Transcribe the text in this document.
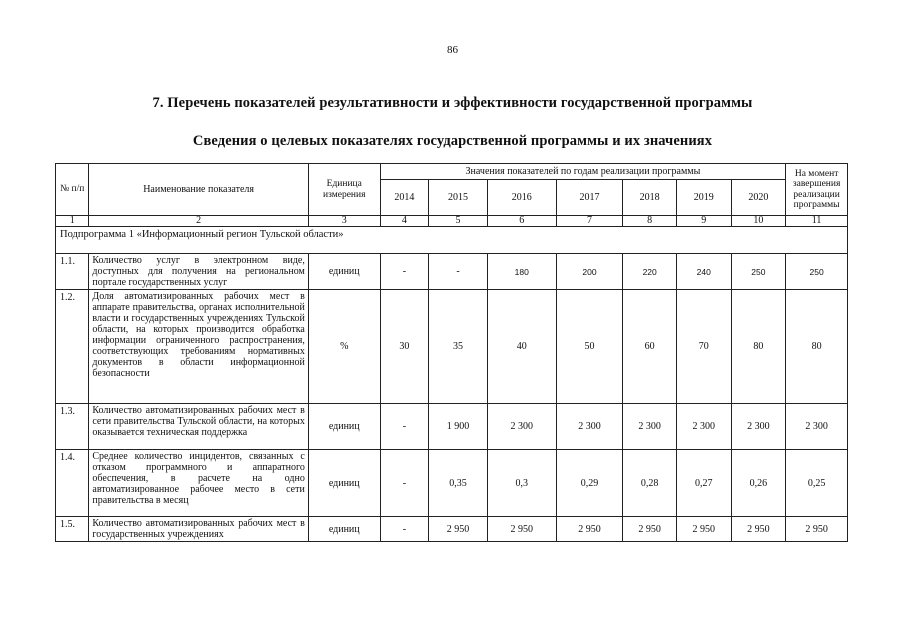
86
7. Перечень показателей результативности и эффективности государственной программы
Сведения о целевых показателях государственной программы и их значениях
№ п/п	Наименование показателя	Единица измерения	Значения показателей по годам реализации программы							На момент завершения реализации программы
			2014	2015	2016	2017	2018	2019	2020	
1	2	3	4	5	6	7	8	9	10	11
Подпрограмма 1 «Информационный регион Тульской области»										
1.1.	Количество услуг в электронном виде, доступных для получения на региональном портале государственных услуг	единиц	-	-	180	200	220	240	250	250
1.2.	Доля автоматизированных рабочих мест в аппарате правительства, органах исполнительной власти и государственных учреждениях Тульской области, на которых производится обработка информации ограниченного распространения, соответствующих требованиям нормативных документов в области информационной безопасности	%	30	35	40	50	60	70	80	80
1.3.	Количество автоматизированных рабочих мест в сети правительства Тульской области, на которых оказывается техническая поддержка	единиц	-	1 900	2 300	2 300	2 300	2 300	2 300	2 300
1.4.	Среднее количество инцидентов, связанных с отказом программного и аппаратного обеспечения, в расчете на одно автоматизированное рабочее место в сети правительства в месяц	единиц	-	0,35	0,3	0,29	0,28	0,27	0,26	0,25
1.5.	Количество автоматизированных рабочих мест в государственных учреждениях	единиц	-	2 950	2 950	2 950	2 950	2 950	2 950	2 950
